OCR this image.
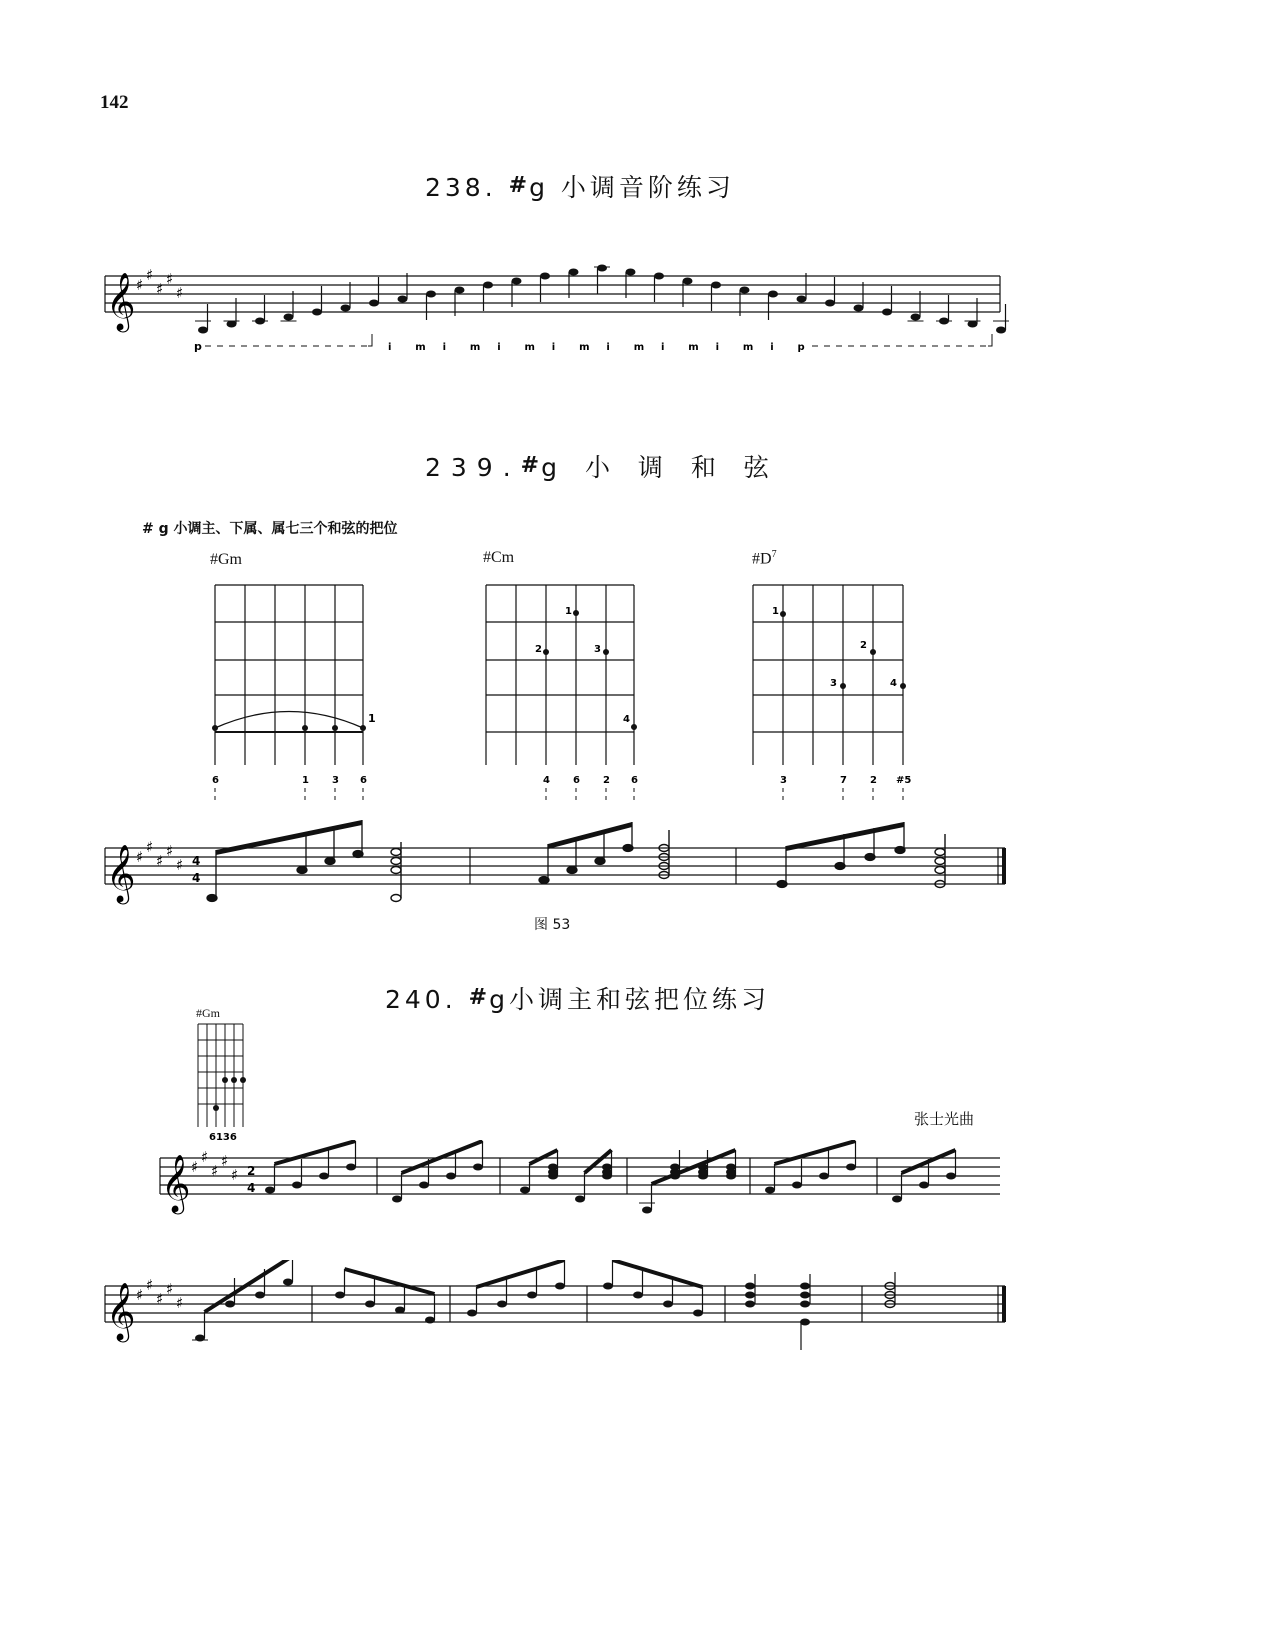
142
238. #g 小调音阶练习
𝄞 ♯
♯
♯
♯
♯
p	i m i m i m i m i m i m i m i p
239.#g 小 调 和 弦
# g 小调主、下属、属七三个和弦的把位
#Gm	#Cm	$\#D^7$
1
6	1 3 6
1
2	3
4
4 6 2 6
1
2
3	4
3	7 2 #5
𝄞 ♯
♯
♯
♯
♯ 4
4
图 53
240. #g小调主和弦把位练习
#Gm
6136
张士光曲
𝄞 ♯
♯
♯
♯
♯ 2
4
𝄞 ♯
♯
♯
♯
♯
